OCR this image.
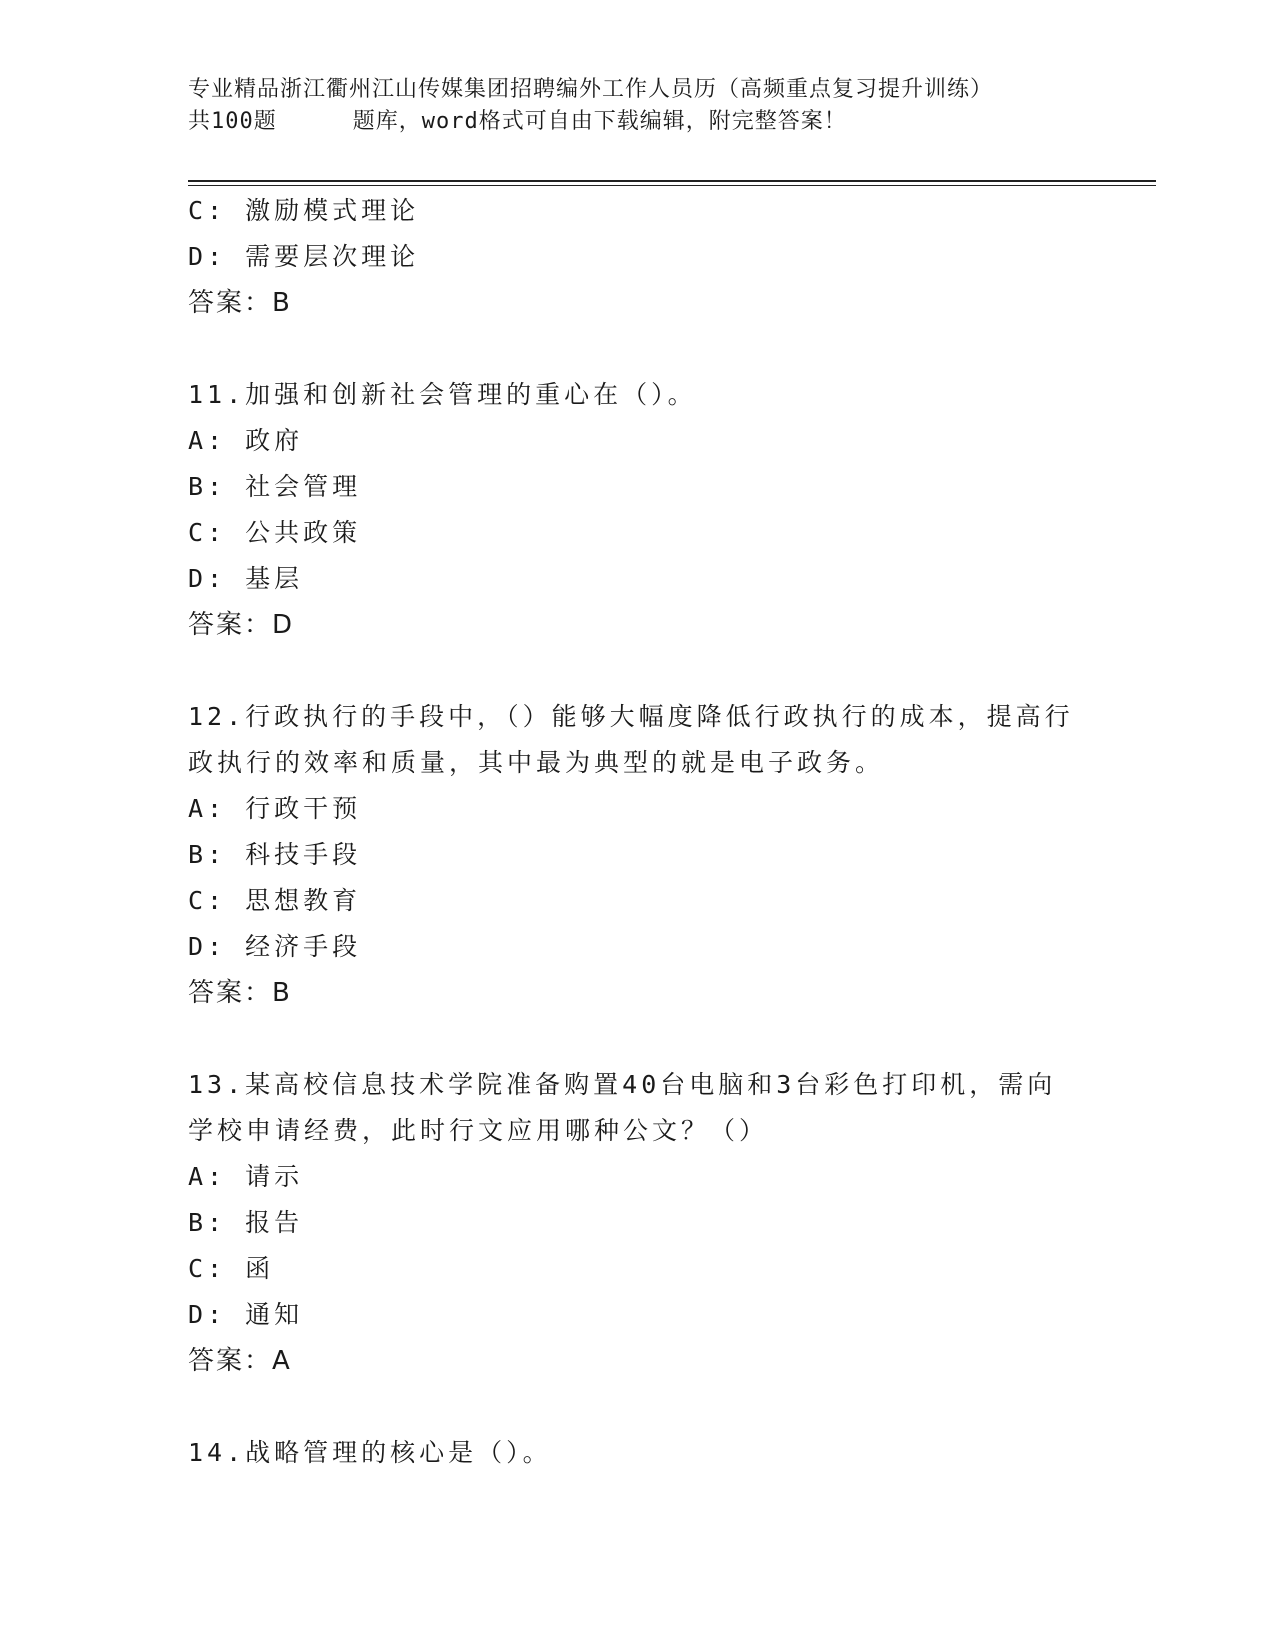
专业精品浙江衢州江山传媒集团招聘编外工作人员历（高频重点复习提升训练）
共100题	题库，word格式可自由下载编辑，附完整答案！
C: 激励模式理论
D: 需要层次理论
答案：B
11.加强和创新社会管理的重心在（）。
A: 政府
B: 社会管理
C: 公共政策
D: 基层
答案：D
12.行政执行的手段中，（）能够大幅度降低行政执行的成本，提高行
政执行的效率和质量，其中最为典型的就是电子政务。
A: 行政干预
B: 科技手段
C: 思想教育
D: 经济手段
答案：B
13.某高校信息技术学院准备购置40台电脑和3台彩色打印机，需向
学校申请经费，此时行文应用哪种公文？（）
A: 请示
B: 报告
C: 函
D: 通知
答案：A
14.战略管理的核心是（）。
